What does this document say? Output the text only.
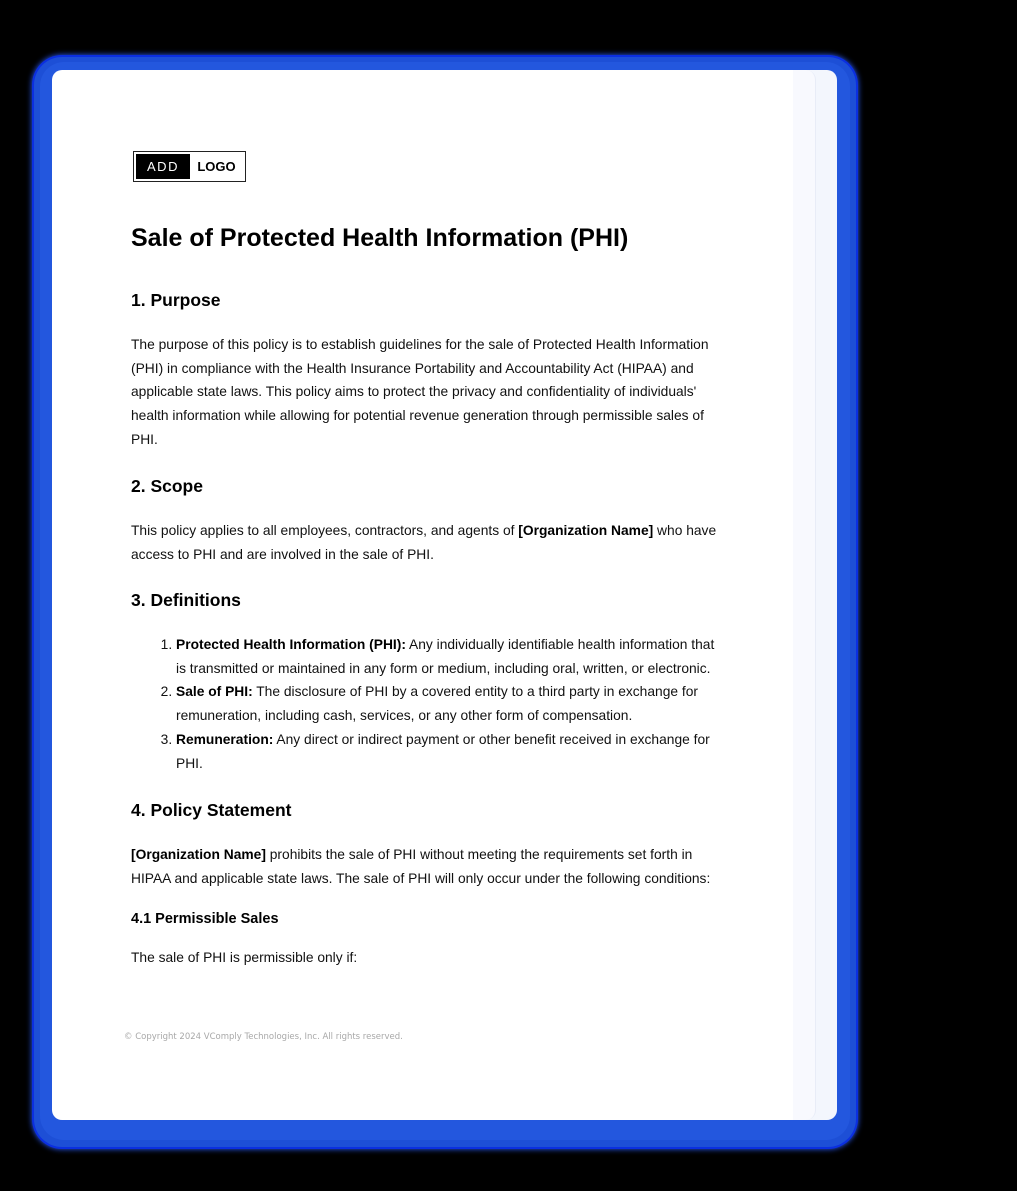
ADD	LOGO
Sale of Protected Health Information (PHI)
1. Purpose

The purpose of this policy is to establish guidelines for the sale of Protected Health Information (PHI) in compliance with the Health Insurance Portability and Accountability Act (HIPAA) and applicable state laws. This policy aims to protect the privacy and confidentiality of individuals' health information while allowing for potential revenue generation through permissible sales of PHI.

2. Scope

This policy applies to all employees, contractors, and agents of [Organization Name] who have access to PHI and are involved in the sale of PHI.

3. Definitions
1. Protected Health Information (PHI): Any individually identifiable health information that is transmitted or maintained in any form or medium, including oral, written, or electronic.
2. Sale of PHI: The disclosure of PHI by a covered entity to a third party in exchange for remuneration, including cash, services, or any other form of compensation.
3. Remuneration: Any direct or indirect payment or other benefit received in exchange for PHI.
4. Policy Statement

[Organization Name] prohibits the sale of PHI without meeting the requirements set forth in HIPAA and applicable state laws. The sale of PHI will only occur under the following conditions:

4.1 Permissible Sales

The sale of PHI is permissible only if:

© Copyright 2024 VComply Technologies, Inc. All rights reserved.
